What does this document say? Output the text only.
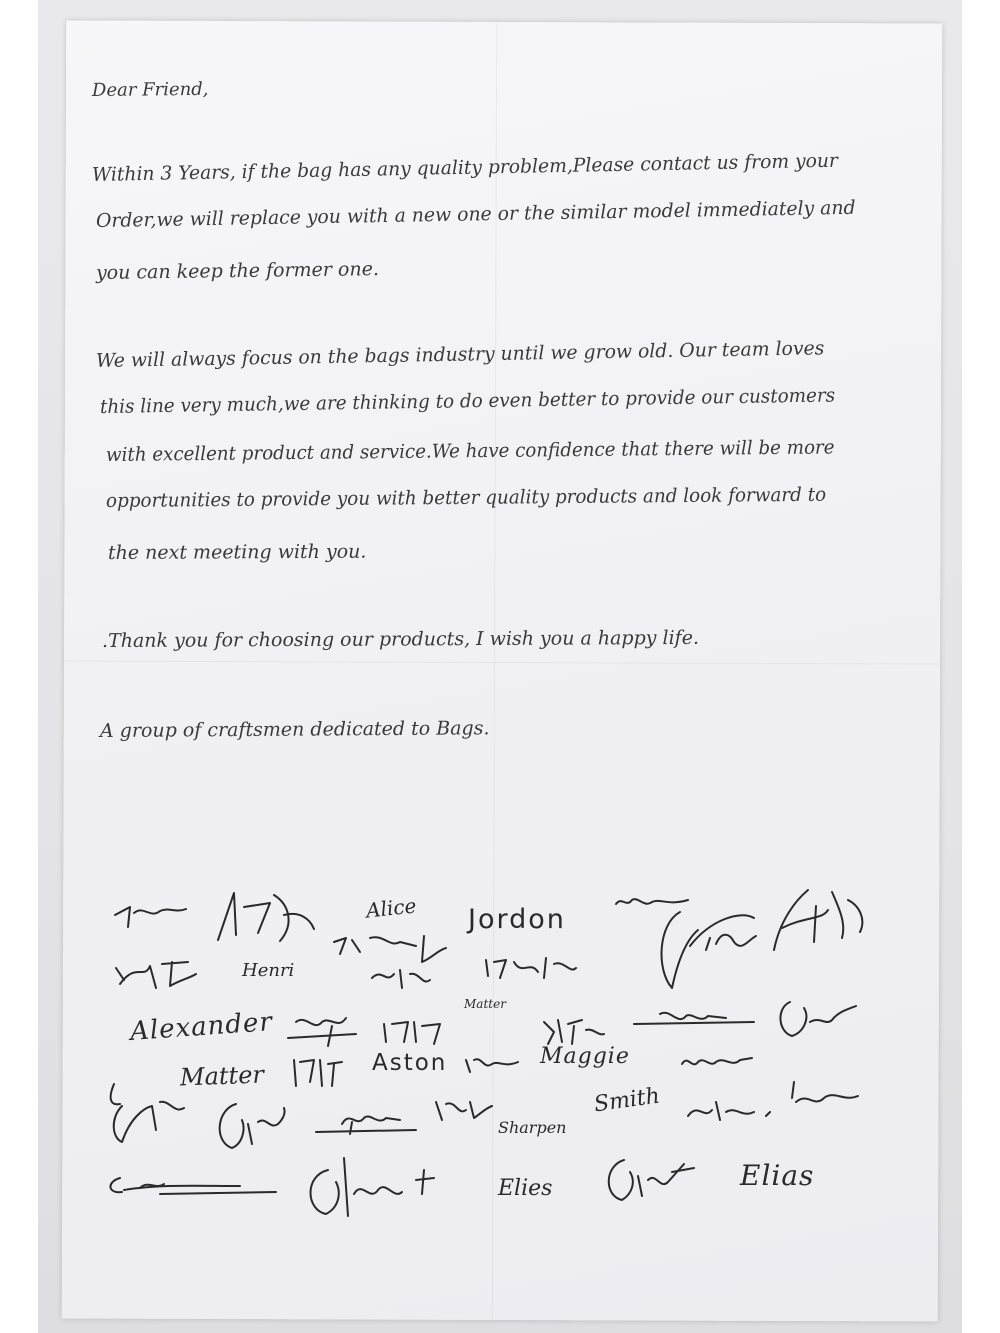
Dear Friend,
Within 3 Years, if the bag has any quality problem,Please contact us from your
Order,we will replace you with a new one or the similar model immediately and
you can keep the former one.
We will always focus on the bags industry until we grow old. Our team loves
this line very much,we are thinking to do even better to provide our customers
with excellent product and service.We have confidence that there will be more
opportunities to provide you with better quality products and look forward to
the next meeting with you.
.Thank you for choosing our products, I wish you a happy life.
A group of craftsmen dedicated to Bags.
Jordon
Alice
Henri
Alexander
Matter
Matter	Aston	Maggie
Sharpen
Smith
Elies	Elias
